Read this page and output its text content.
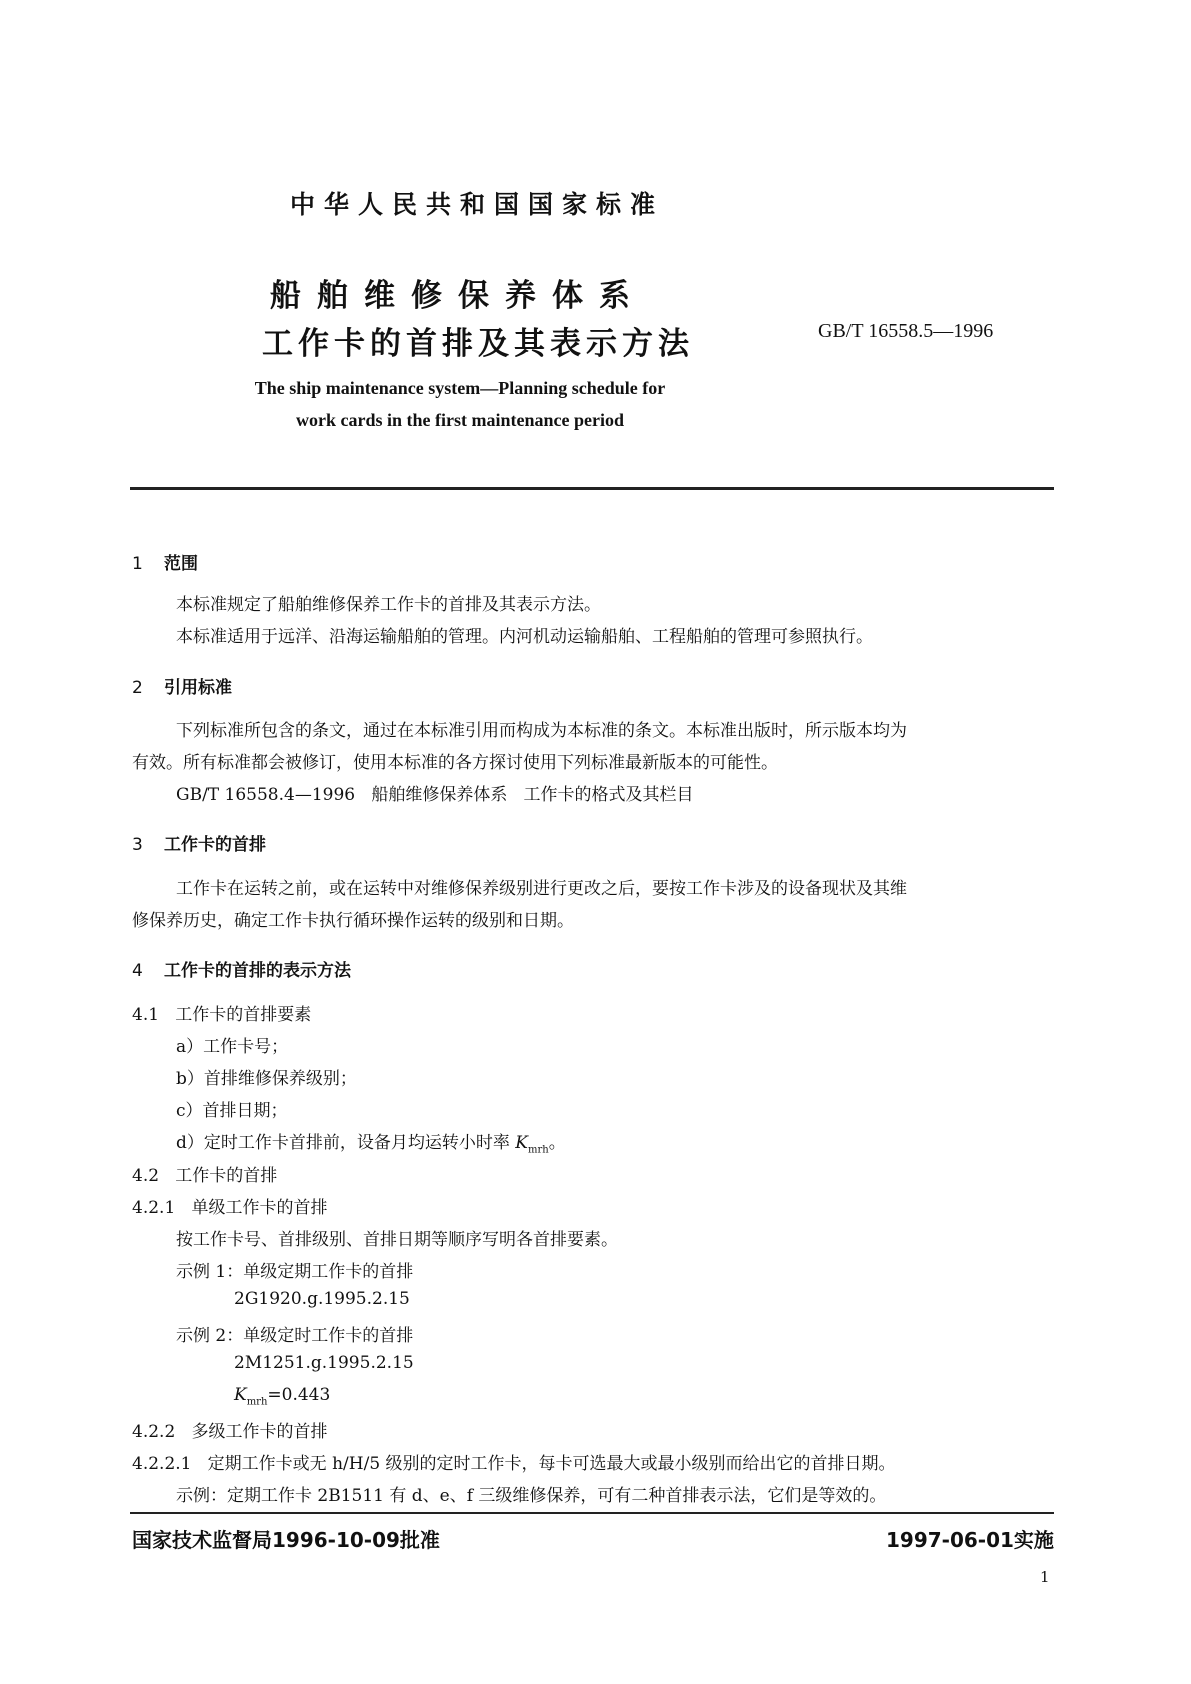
中华人民共和国国家标准
船舶维修保养体系
工作卡的首排及其表示方法	GB/T 16558.5—1996
The ship maintenance system—Planning schedule for
work cards in the first maintenance period
1 范围
本标准规定了船舶维修保养工作卡的首排及其表示方法。
本标准适用于远洋、沿海运输船舶的管理。内河机动运输船舶、工程船舶的管理可参照执行。
2 引用标准
下列标准所包含的条文，通过在本标准引用而构成为本标准的条文。本标准出版时，所示版本均为
有效。所有标准都会被修订，使用本标准的各方探讨使用下列标准最新版本的可能性。
GB/T 16558.4—1996   船舶维修保养体系   工作卡的格式及其栏目
3 工作卡的首排
工作卡在运转之前，或在运转中对维修保养级别进行更改之后，要按工作卡涉及的设备现状及其维
修保养历史，确定工作卡执行循环操作运转的级别和日期。
4 工作卡的首排的表示方法
4.1   工作卡的首排要素
a）工作卡号；
b）首排维修保养级别；
c）首排日期；
d）定时工作卡首排前，设备月均运转小时率 $K_{mrh}$。
4.2   工作卡的首排
4.2.1   单级工作卡的首排
按工作卡号、首排级别、首排日期等顺序写明各首排要素。
示例 1：单级定期工作卡的首排
2G1920.g.1995.2.15
示例 2：单级定时工作卡的首排
2M1251.g.1995.2.15
$K_{mrh}=0.443$
4.2.2   多级工作卡的首排
4.2.2.1   定期工作卡或无 h/H/5 级别的定时工作卡，每卡可选最大或最小级别而给出它的首排日期。
示例：定期工作卡 2B1511 有 d、e、f 三级维修保养，可有二种首排表示法，它们是等效的。
国家技术监督局1996-10-09批准	1997-06-01实施
1
